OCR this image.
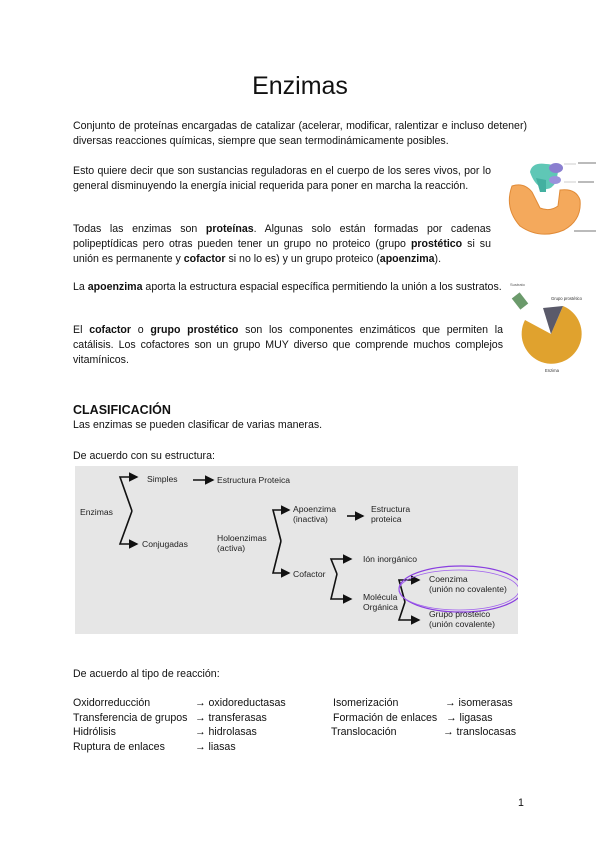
Enzimas
Conjunto de proteínas encargadas de catalizar (acelerar, modificar, ralentizar e incluso detener) diversas reacciones químicas, siempre que sean termodinámicamente posibles.
Esto quiere decir que son sustancias reguladoras en el cuerpo de los seres vivos, por lo general disminuyendo la energía inicial requerida para poner en marcha la reacción.
Todas las enzimas son proteínas. Algunas solo están formadas por cadenas polipeptídicas pero otras pueden tener un grupo no proteico (grupo prostético si su unión es permanente y cofactor si no lo es) y un grupo proteico (apoenzima).
La apoenzima aporta la estructura espacial específica permitiendo la unión a los sustratos.
El cofactor o grupo prostético son los componentes enzimáticos que permiten la catálisis. Los cofactores son un grupo MUY diverso que comprende muchos complejos vitamínicos.
Sustrato
Grupo prostético
Enzima
CLASIFICACIÓN
Las enzimas se pueden clasificar de varias maneras.
De acuerdo con su estructura:
Enzimas
Simples	Estructura Proteica
Conjugadas
Holoenzimas
(activa)
Apoenzima
(inactiva)
Estructura
proteica
Cofactor
Ión inorgánico
Molécula
Orgánica
Coenzima
(unión no covalente)
Grupo prosteico
(unión covalente)
De acuerdo al tipo de reacción:
Oxidorreducción	→ oxidoreductasas
Transferencia de grupos → transferasas
Hidrólisis	→ hidrolasas
Ruptura de enlaces	→ liasas
Isomerización	→ isomerasas
Formación de enlaces → ligasas
Translocación	→ translocasas
1
